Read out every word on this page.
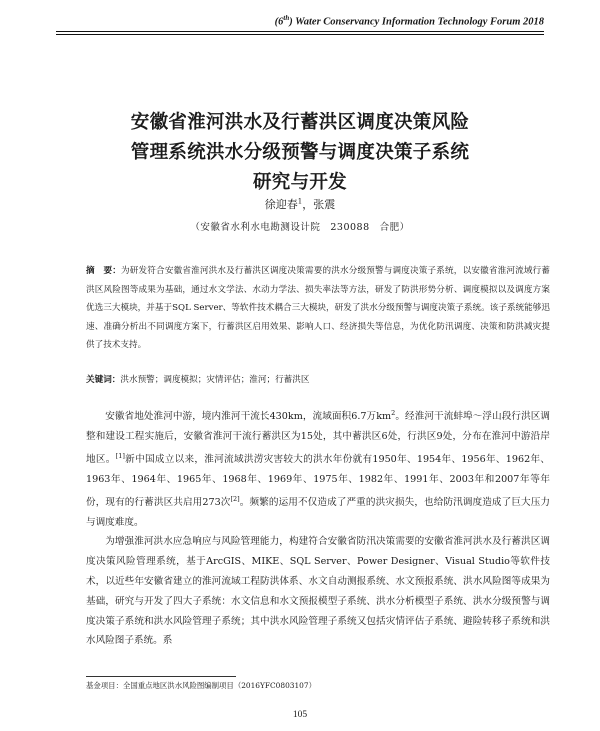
(6th) Water Conservancy Information Technology Forum 2018
安徽省淮河洪水及行蓄洪区调度决策风险
管理系统洪水分级预警与调度决策子系统
研究与开发
徐迎春$^1$，张震
（安徽省水利水电勘测设计院　230088　合肥）
摘　要：为研发符合安徽省淮河洪水及行蓄洪区调度决策需要的洪水分级预警与调度决策子系统，以安徽省淮河流域行蓄洪区风险图等成果为基础，通过水文学法、水动力学法、损失率法等方法，研发了防洪形势分析、调度模拟以及调度方案优选三大模块，并基于SQL Server、等软件技术耦合三大模块，研发了洪水分级预警与调度决策子系统。该子系统能够迅速、准确分析出不同调度方案下，行蓄洪区启用效果、影响人口、经济损失等信息，为优化防汛调度、决策和防洪减灾提供了技术支持。
关键词：洪水预警；调度模拟；灾情评估；淮河；行蓄洪区

安徽省地处淮河中游，境内淮河干流长430km，流域面积6.7万$km^2$。经淮河干流蚌埠～浮山段行洪区调整和建设工程实施后，安徽省淮河干流行蓄洪区为15处，其中蓄洪区6处，行洪区9处，分布在淮河中游沿岸地区。[1]新中国成立以来，淮河流域洪涝灾害较大的洪水年份就有1950年、1954年、1956年、1962年、1963年、1964年、1965年、1968年、1969年、1975年、1982年、1991年、2003年和2007年等年份，现有的行蓄洪区共启用273次[2]。频繁的运用不仅造成了严重的洪灾损失，也给防汛调度造成了巨大压力与调度难度。

为增强淮河洪水应急响应与风险管理能力，构建符合安徽省防汛决策需要的安徽省淮河洪水及行蓄洪区调度决策风险管理系统，基于ArcGIS、MIKE、SQL Server、Power Designer、Visual Studio等软件技术，以近些年安徽省建立的淮河流域工程防洪体系、水文自动测报系统、水文预报系统、洪水风险图等成果为基础，研究与开发了四大子系统：水文信息和水文预报模型子系统、洪水分析模型子系统、洪水分级预警与调度决策子系统和洪水风险管理子系统；其中洪水风险管理子系统又包括灾情评估子系统、避险转移子系统和洪水风险图子系统。系

基金项目：全国重点地区洪水风险图编制项目（2016YFC0803107）
105
